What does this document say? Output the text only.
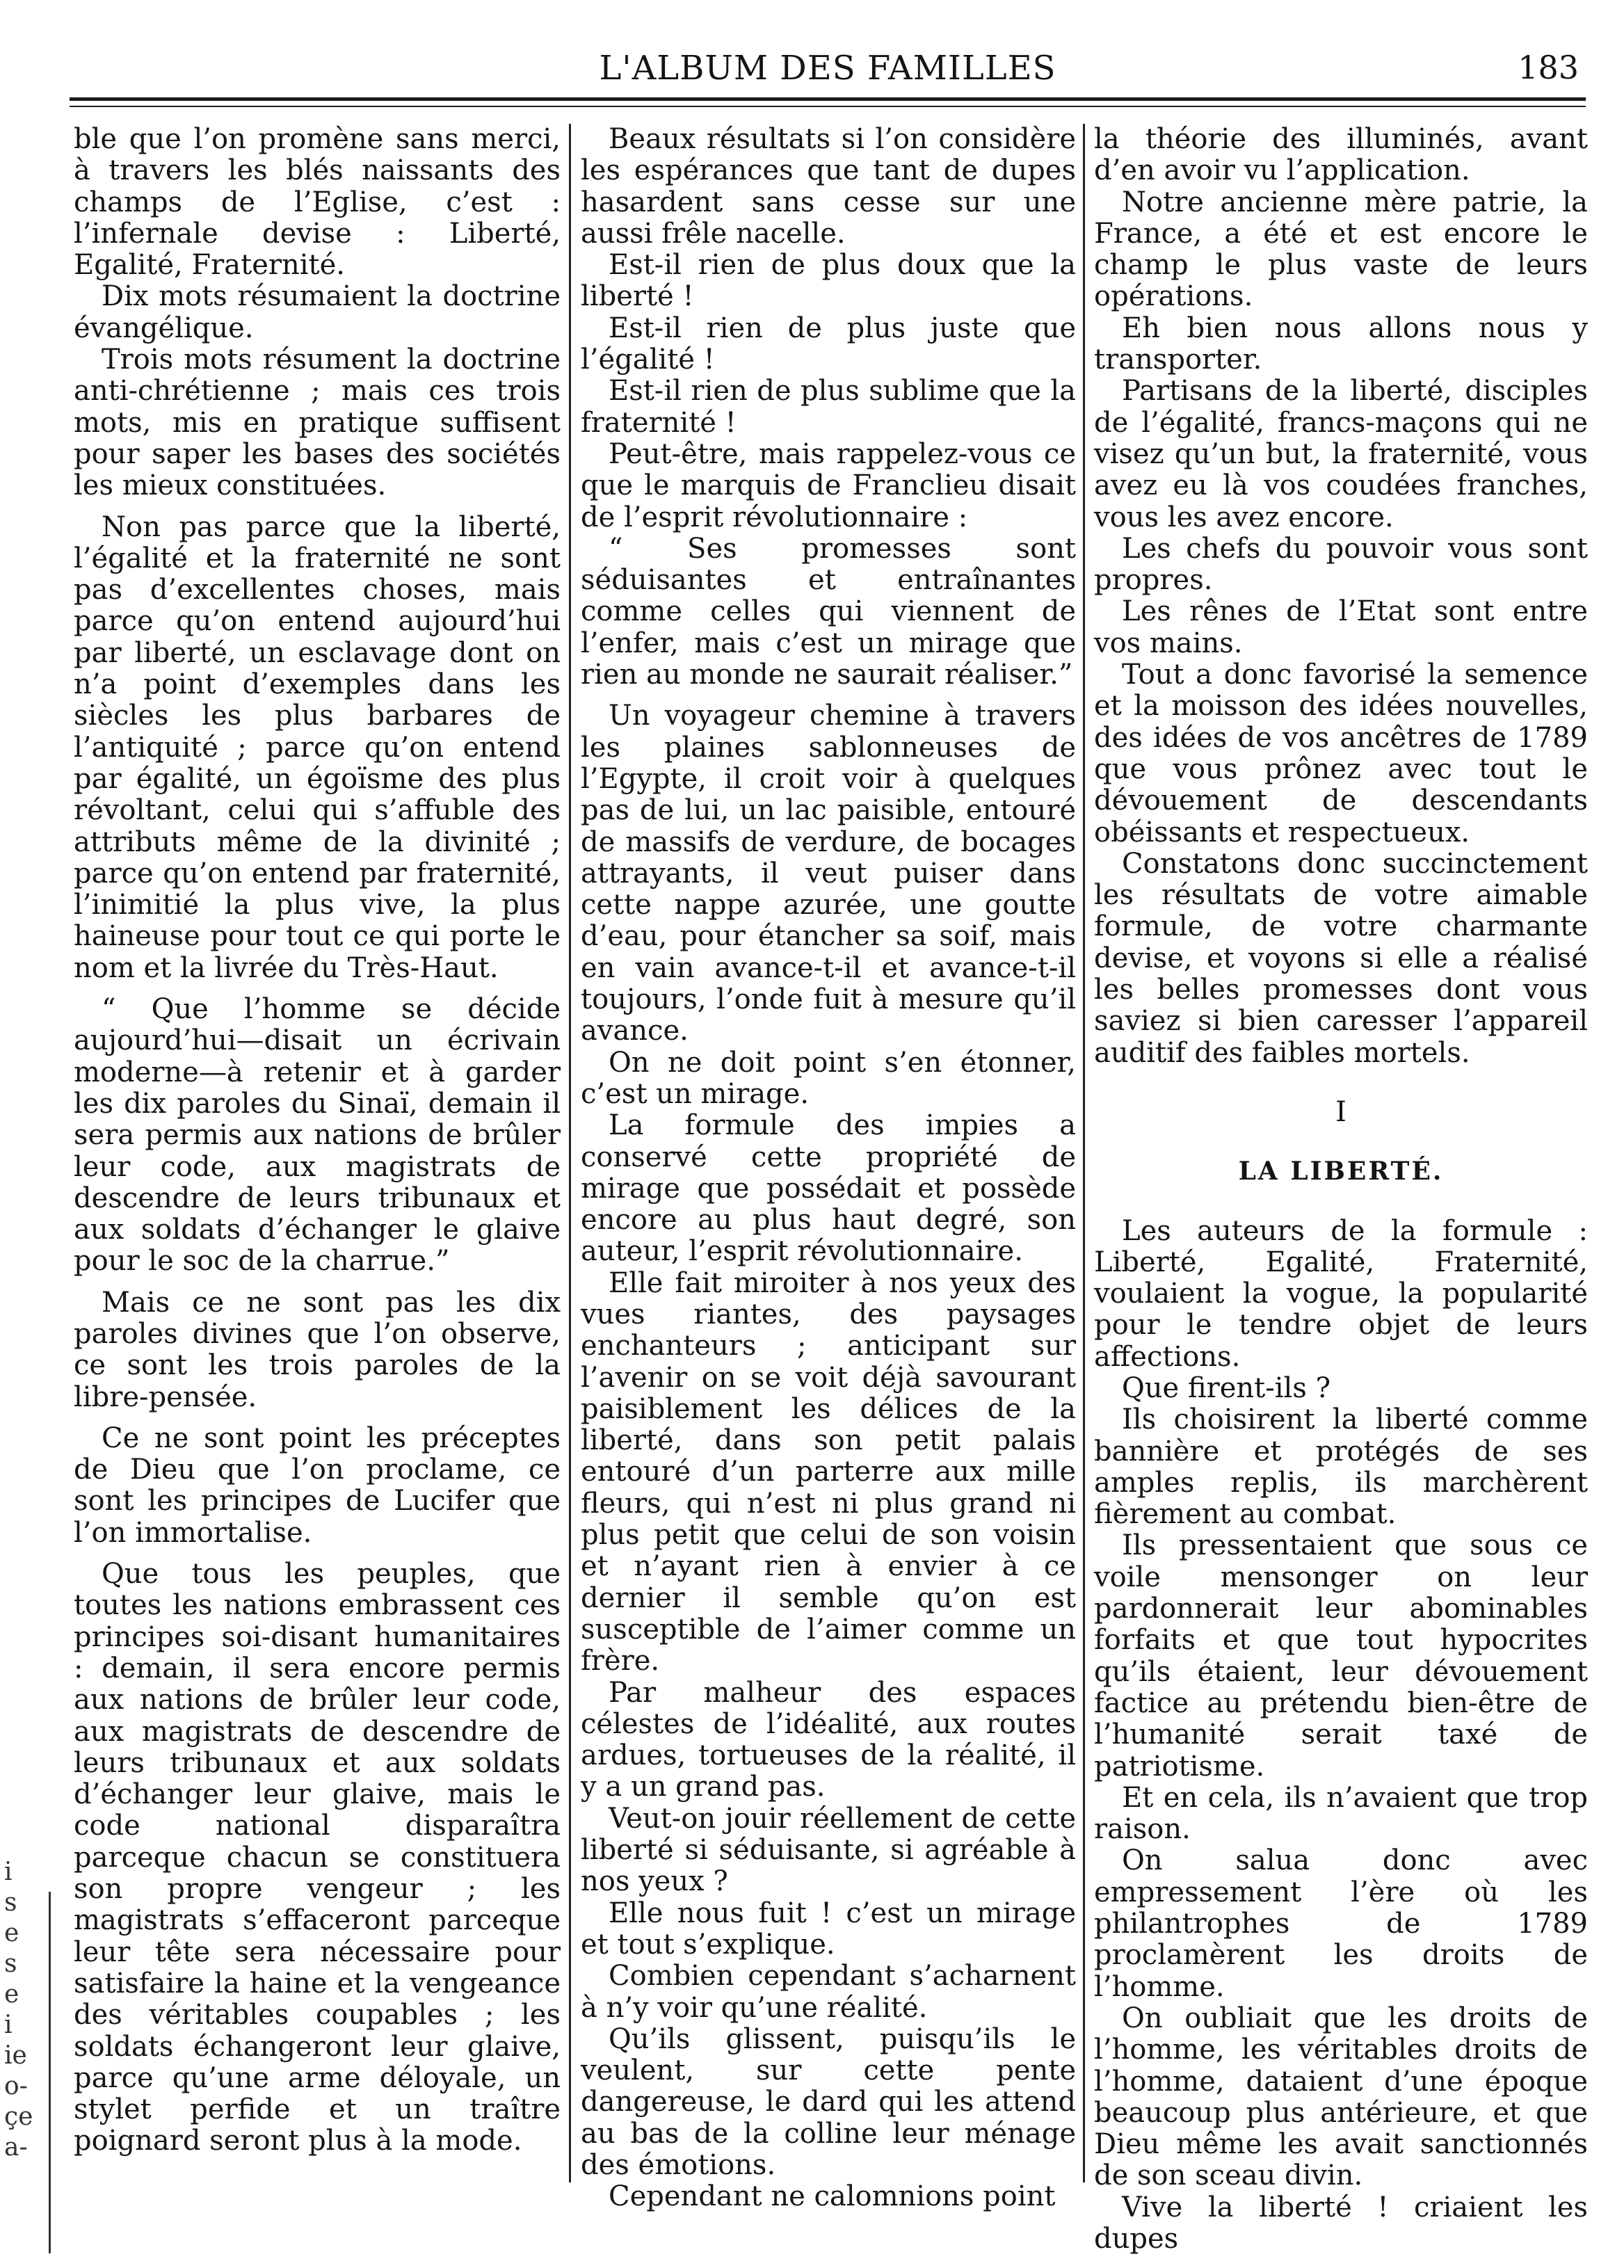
L'ALBUM DES FAMILLES	183

ble que l’on promène sans merci, à travers les blés naissants des champs de l’Eglise, c’est : l’infernale devise : Liberté, Egalité, Fraternité.

Dix mots résumaient la doctrine évangélique.

Trois mots résument la doctrine anti-chrétienne ; mais ces trois mots, mis en pratique suffisent pour saper les bases des sociétés les mieux constituées.

Non pas parce que la liberté, l’égalité et la fraternité ne sont pas d’excellentes choses, mais parce qu’on entend aujourd’hui par liberté, un esclavage dont on n’a point d’exemples dans les siècles les plus barbares de l’antiquité ; parce qu’on entend par égalité, un égoïsme des plus révoltant, celui qui s’affuble des attributs même de la divinité ; parce qu’on entend par fraternité, l’inimitié la plus vive, la plus haineuse pour tout ce qui porte le nom et la livrée du Très-Haut.

“ Que l’homme se décide aujourd’hui—disait un écrivain moderne—à retenir et à garder les dix paroles du Sinaï, demain il sera permis aux nations de brûler leur code, aux magistrats de descendre de leurs tribunaux et aux soldats d’échanger le glaive pour le soc de la charrue.”

Mais ce ne sont pas les dix paroles divines que l’on observe, ce sont les trois paroles de la libre-pensée.

Ce ne sont point les préceptes de Dieu que l’on proclame, ce sont les principes de Lucifer que l’on immortalise.

Que tous les peuples, que toutes les nations embrassent ces principes soi-disant humanitaires : demain, il sera encore permis aux nations de brûler leur code, aux magistrats de descendre de leurs tribunaux et aux soldats d’échanger leur glaive, mais le code national disparaîtra parceque chacun se constituera son propre vengeur ; les magistrats s’effaceront parceque leur tête sera nécessaire pour satisfaire la haine et la vengeance des véritables coupables ; les soldats échangeront leur glaive, parce qu’une arme déloyale, un stylet perfide et un traître poignard seront plus à la mode.

Beaux résultats si l’on considère les espérances que tant de dupes hasardent sans cesse sur une aussi frêle nacelle.

Est-il rien de plus doux que la liberté !

Est-il rien de plus juste que l’égalité !

Est-il rien de plus sublime que la fraternité !

Peut-être, mais rappelez-vous ce que le marquis de Franclieu disait de l’esprit révolutionnaire :

“ Ses promesses sont séduisantes et entraînantes comme celles qui viennent de l’enfer, mais c’est un mirage que rien au monde ne saurait réaliser.”

Un voyageur chemine à travers les plaines sablonneuses de l’Egypte, il croit voir à quelques pas de lui, un lac paisible, entouré de massifs de verdure, de bocages attrayants, il veut puiser dans cette nappe azurée, une goutte d’eau, pour étancher sa soif, mais en vain avance-t-il et avance-t-il toujours, l’onde fuit à mesure qu’il avance.

On ne doit point s’en étonner, c’est un mirage.

La formule des impies a conservé cette propriété de mirage que possédait et possède encore au plus haut degré, son auteur, l’esprit révolutionnaire.

Elle fait miroiter à nos yeux des vues riantes, des paysages enchanteurs ; anticipant sur l’avenir on se voit déjà savourant paisiblement les délices de la liberté, dans son petit palais entouré d’un parterre aux mille fleurs, qui n’est ni plus grand ni plus petit que celui de son voisin et n’ayant rien à envier à ce dernier il semble qu’on est susceptible de l’aimer comme un frère.

Par malheur des espaces célestes de l’idéalité, aux routes ardues, tortueuses de la réalité, il y a un grand pas.

Veut-on jouir réellement de cette liberté si séduisante, si agréable à nos yeux ?

Elle nous fuit ! c’est un mirage et tout s’explique.

Combien cependant s’acharnent à n’y voir qu’une réalité.

Qu’ils glissent, puisqu’ils le veulent, sur cette pente dangereuse, le dard qui les attend au bas de la colline leur ménage des émotions.

Cependant ne calomnions point

la théorie des illuminés, avant d’en avoir vu l’application.

Notre ancienne mère patrie, la France, a été et est encore le champ le plus vaste de leurs opérations.

Eh bien nous allons nous y transporter.

Partisans de la liberté, disciples de l’égalité, francs-maçons qui ne visez qu’un but, la fraternité, vous avez eu là vos coudées franches, vous les avez encore.

Les chefs du pouvoir vous sont propres.

Les rênes de l’Etat sont entre vos mains.

Tout a donc favorisé la semence et la moisson des idées nouvelles, des idées de vos ancêtres de 1789 que vous prônez avec tout le dévouement de descendants obéissants et respectueux.

Constatons donc succinctement les résultats de votre aimable formule, de votre charmante devise, et voyons si elle a réalisé les belles promesses dont vous saviez si bien caresser l’appareil auditif des faibles mortels.

I

LA LIBERTÉ.

Les auteurs de la formule : Liberté, Egalité, Fraternité, voulaient la vogue, la popularité pour le tendre objet de leurs affections.

Que firent-ils ?

Ils choisirent la liberté comme bannière et protégés de ses amples replis, ils marchèrent fièrement au combat.

Ils pressentaient que sous ce voile mensonger on leur pardonnerait leur abominables forfaits et que tout hypocrites qu’ils étaient, leur dévouement factice au prétendu bien-être de l’humanité serait taxé de patriotisme.

Et en cela, ils n’avaient que trop raison.

On salua donc avec empressement l’ère où les philantrophes de 1789 proclamèrent les droits de l’homme.

On oubliait que les droits de l’homme, les véritables droits de l’homme, dataient d’une époque beaucoup plus antérieure, et que Dieu même les avait sanctionnés de son sceau divin.

Vive la liberté ! criaient les dupes

i
s
e
s
e
i
ie
o-
çe
a-
